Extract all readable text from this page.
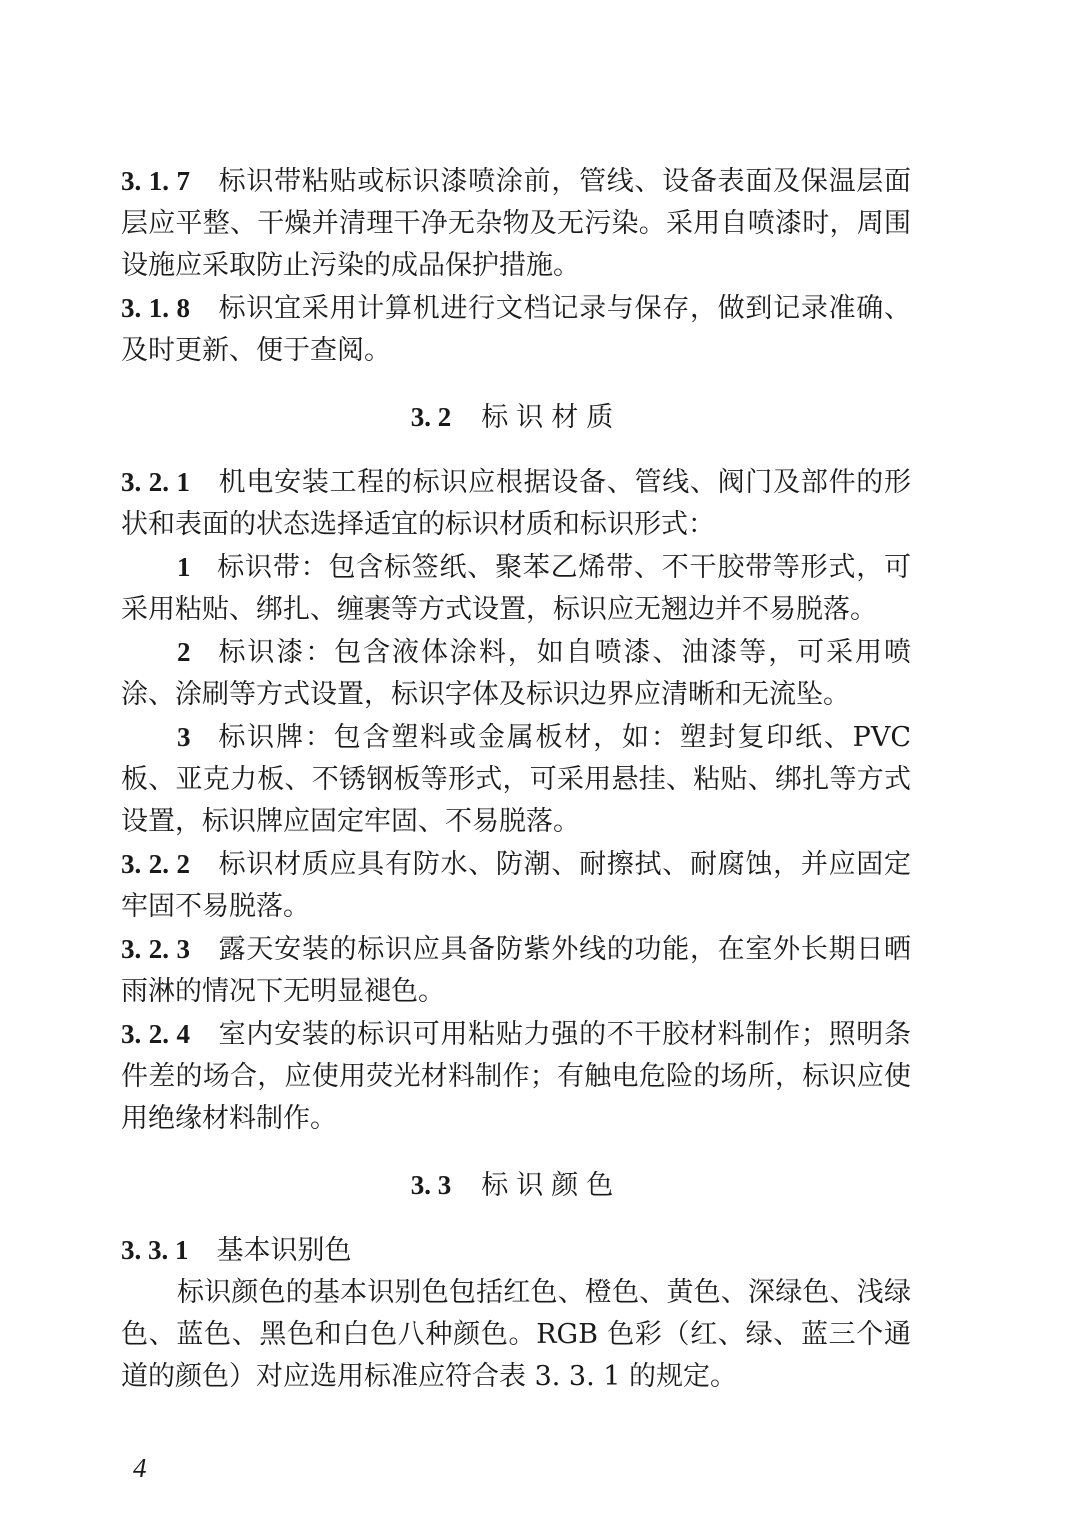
3. 1. 7 标识带粘贴或标识漆喷涂前，管线、设备表面及保温层面层应平整、干燥并清理干净无杂物及无污染。采用自喷漆时，周围设施应采取防止污染的成品保护措施。

3. 1. 8 标识宜采用计算机进行文档记录与保存，做到记录准确、及时更新、便于查阅。

3. 2 标识材质

3. 2. 1 机电安装工程的标识应根据设备、管线、阀门及部件的形状和表面的状态选择适宜的标识材质和标识形式：

1 标识带：包含标签纸、聚苯乙烯带、不干胶带等形式，可采用粘贴、绑扎、缠裹等方式设置，标识应无翘边并不易脱落。

2 标识漆：包含液体涂料，如自喷漆、油漆等，可采用喷涂、涂刷等方式设置，标识字体及标识边界应清晰和无流坠。

3 标识牌：包含塑料或金属板材，如：塑封复印纸、PVC板、亚克力板、不锈钢板等形式，可采用悬挂、粘贴、绑扎等方式设置，标识牌应固定牢固、不易脱落。

3. 2. 2 标识材质应具有防水、防潮、耐擦拭、耐腐蚀，并应固定牢固不易脱落。

3. 2. 3 露天安装的标识应具备防紫外线的功能，在室外长期日晒雨淋的情况下无明显褪色。

3. 2. 4 室内安装的标识可用粘贴力强的不干胶材料制作；照明条件差的场合，应使用荧光材料制作；有触电危险的场所，标识应使用绝缘材料制作。

3. 3 标识颜色

3. 3. 1 基本识别色

标识颜色的基本识别色包括红色、橙色、黄色、深绿色、浅绿色、蓝色、黑色和白色八种颜色。RGB 色彩（红、绿、蓝三个通道的颜色）对应选用标准应符合表 3. 3. 1 的规定。

4
